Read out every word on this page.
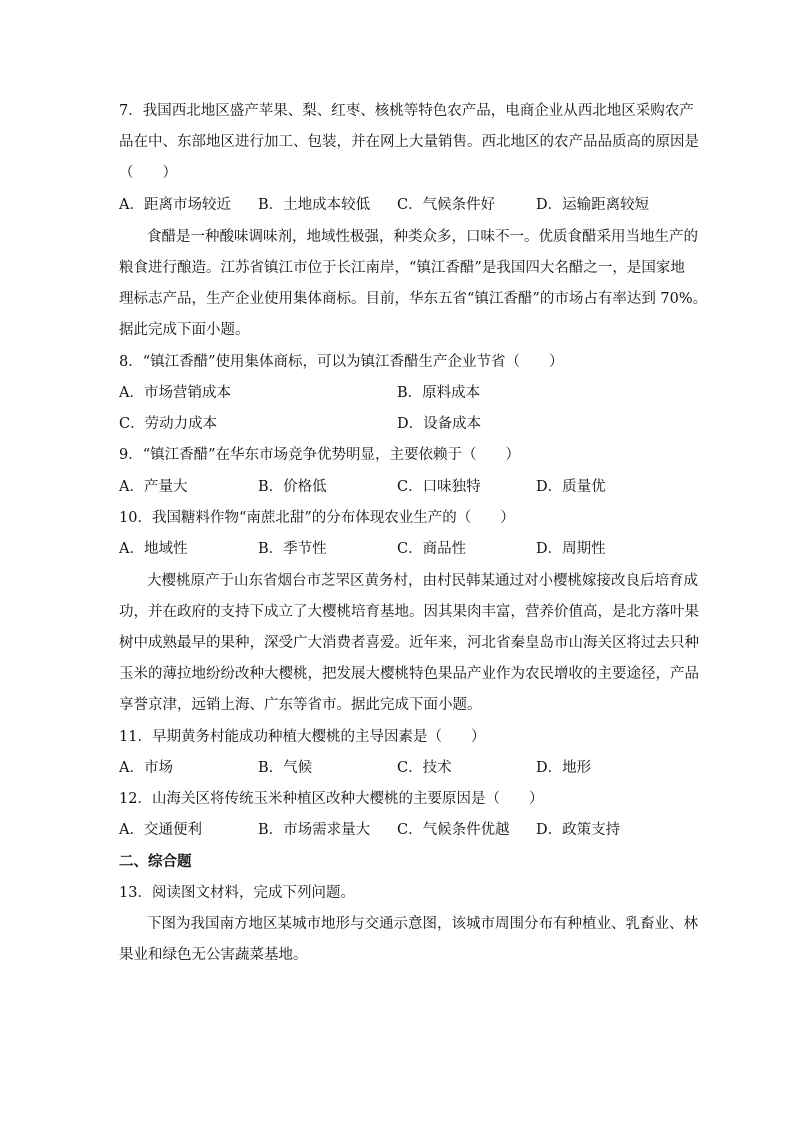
7．我国西北地区盛产苹果、梨、红枣、核桃等特色农产品，电商企业从西北地区采购农产
品在中、东部地区进行加工、包装，并在网上大量销售。西北地区的农产品品质高的原因是
（　　）
A．距离市场较近 B．土地成本较低 C．气候条件好	D．运输距离较短
食醋是一种酸味调味剂，地域性极强，种类众多，口味不一。优质食醋采用当地生产的
粮食进行酿造。江苏省镇江市位于长江南岸，“镇江香醋”是我国四大名醋之一，是国家地
理标志产品，生产企业使用集体商标。目前，华东五省“镇江香醋”的市场占有率达到 70%。
据此完成下面小题。
8．“镇江香醋”使用集体商标，可以为镇江香醋生产企业节省（　　）
A．市场营销成本	B．原料成本
C．劳动力成本	D．设备成本
9．“镇江香醋”在华东市场竞争优势明显，主要依赖于（　　）
A．产量大	B．价格低	C．口味独特	D．质量优
10．我国糖料作物“南蔗北甜”的分布体现农业生产的（　　）
A．地域性	B．季节性	C．商品性	D．周期性
大樱桃原产于山东省烟台市芝罘区黄务村，由村民韩某通过对小樱桃嫁接改良后培育成
功，并在政府的支持下成立了大樱桃培育基地。因其果肉丰富，营养价值高，是北方落叶果
树中成熟最早的果种，深受广大消费者喜爱。近年来，河北省秦皇岛市山海关区将过去只种
玉米的薄拉地纷纷改种大樱桃，把发展大樱桃特色果品产业作为农民增收的主要途径，产品
享誉京津，远销上海、广东等省市。据此完成下面小题。
11．早期黄务村能成功种植大樱桃的主导因素是（　　）
A．市场	B．气候	C．技术	D．地形
12．山海关区将传统玉米种植区改种大樱桃的主要原因是（　　）
A．交通便利	B．市场需求量大 C．气候条件优越 D．政策支持
二、综合题
13．阅读图文材料，完成下列问题。
下图为我国南方地区某城市地形与交通示意图，该城市周围分布有种植业、乳畜业、林
果业和绿色无公害蔬菜基地。
